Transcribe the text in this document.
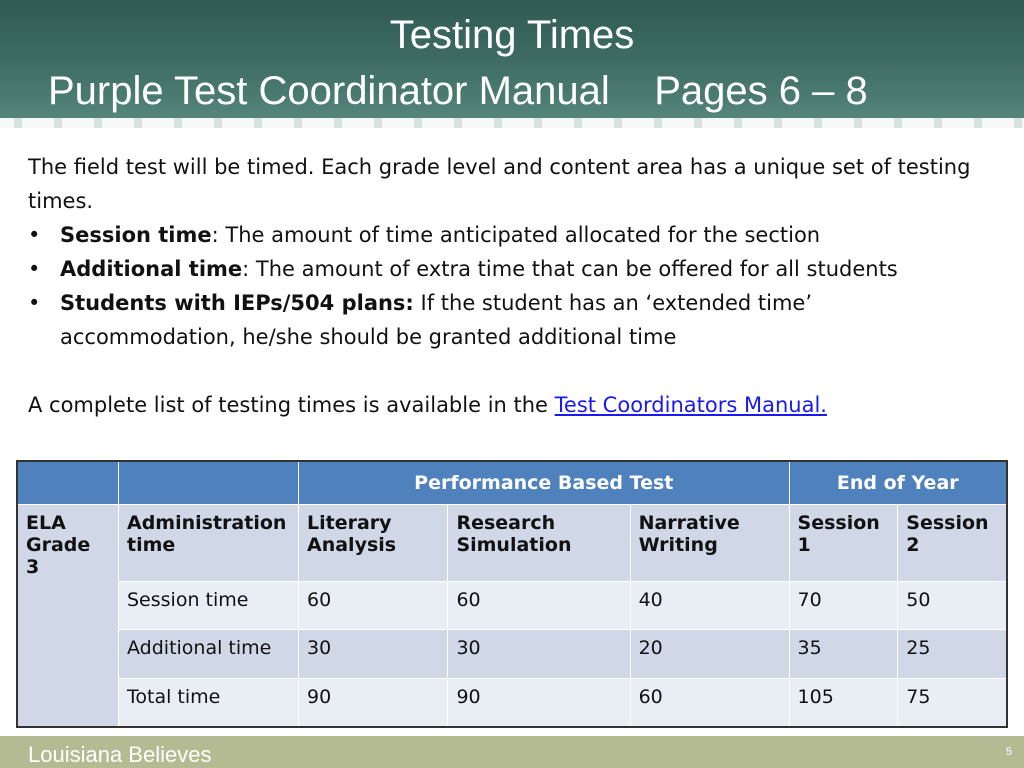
Testing Times
Purple Test Coordinator Manual    Pages 6 – 8

The field test will be timed. Each grade level and content area has a unique set of testing times.

• Session time: The amount of time anticipated allocated for the section
• Additional time: The amount of extra time that can be offered for all students
• Students with IEPs/504 plans: If the student has an ‘extended time’ accommodation, he/she should be granted additional time

A complete list of testing times is available in the Test Coordinators Manual.

		Performance Based Test			End of Year	
ELA Grade 3	Administration time	Literary Analysis	Research Simulation	Narrative Writing	Session 1	Session 2
	Session time	60	60	40	70	50
	Additional time	30	30	20	35	25
	Total time	90	90	60	105	75
Louisiana Believes	5
